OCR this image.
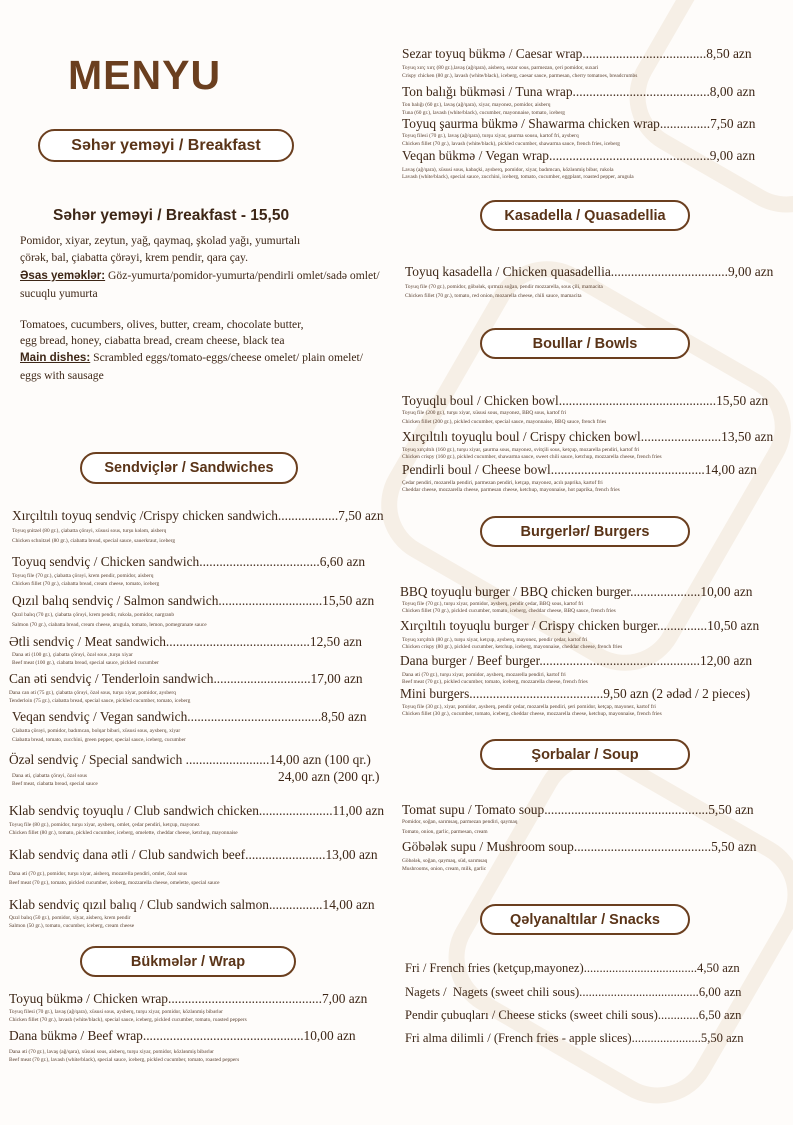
MENYU
Səhər yeməyi / Breakfast
Sendviçlər / Sandwiches
Bükmələr / Wrap
Kasadella / Quasadellia
Boullar / Bowls
Burgerlər/ Burgers
Şorbalar / Soup
Qəlyanaltılar / Snacks
Səhər yeməyi / Breakfast - 15,50
Pomidor, xiyar, zeytun, yağ, qaymaq, şkolad yağı, yumurtalı
çörək, bal, çiabatta çörəyi, krem pendir, qara çay.
Əsas yeməklər: Göz-yumurta/pomidor-yumurta/pendirli omlet/sadə omlet/
sucuqlu yumurta
Tomatoes, cucumbers, olives, butter, cream, chocolate butter,
egg bread, honey, ciabatta bread, cream cheese, black tea
Main dishes: Scrambled eggs/tomato-eggs/cheese omelet/ plain omelet/
eggs with sausage
Xırçıltılı toyuq sendviç /Crispy chicken sandwich..................7,50 azn
Toyuq şnitzel (80 gr.), çiabatta çörəyi, xüsusi sous, turşu kələm, aisberq
Chicken schnitzel (80 gr.), ciabatta bread, special sauce, sauerkraut, iceberg
Toyuq sendviç / Chicken sandwich....................................6,60 azn
Toyuq file (70 gr.), çiabatta çörəyi, krem pendir, pomidor, aisberq
Chicken fillet (70 gr.), ciabatta bread, cream cheese, tomato, iceberg
Qızıl balıq sendviç / Salmon sandwich...............................15,50 azn
Qızıl balıq (70 gr.), çiabatta çörəyi, krem pendir, rukola, pomidor, nargranb
Salmon (70 gr.), ciabatta bread, cream cheese, arugula, tomato, lemon, pomegranate sauce
Ətli sendviç / Meat sandwich...........................................12,50 azn
Dana əti (100 gr.), çiabatta çörəyi, özəl sous ,turşu xiyar
Beef meat (100 gr.), ciabatta bread, special sauce, pickled cucumber
Can əti sendviç / Tenderloin sandwich.............................17,00 azn
Dana can əti (75 gr.), çiabatta çörəyi, özəl sous, turşu xiyar, pomidor, aysberq
Tenderloin (75 gr.), ciabatta bread, special sauce, pickled cucumber, tomato, iceberg
Veqan sendviç / Vegan sandwich........................................8,50 azn
Çiabatta çörəyi, pomidor, badımcan, bolqar bibəri, xüsusi sous, aysberq, xiyar
Ciabatta bread, tomato, zucchini, green pepper, special sauce, iceberg, cucumber
Özəl sendviç / Special sandwich .........................14,00 azn (100 qr.)
24,00 azn (200 qr.)
Dana əti, çiabatta çörəyi, özəl sous
Beef meat, ciabatta bread, special sauce
Klab sendviç toyuqlu / Club sandwich chicken......................11,00 azn
Toyuq file (80 gr.), pomidor, turşu xiyar, aysberq, omlet, çedar pendiri, ketçup, mayonez
Chicken fillet (80 gr.), tomato, pickled cucumber, iceberg, omelette, cheddar cheese, ketchup, mayonnaise
Klab sendviç dana ətli / Club sandwich beef........................13,00 azn
Dana əti (70 gr.), pomidor, turşu xiyar, aisberq, mozarella pendiri, omlet, özəl sous
Beef meat (70 gr.), tomato, pickled cucumber, iceberg, mozzarella cheese, omelette, special sauce
Klab sendviç qızıl balıq / Club sandwich salmon................14,00 azn
Qızıl balıq (50 gr.), pomidor, xiyar, aisberq, krem pendir
Salmon (50 gr.), tomato, cucumber, iceberg, cream cheese
Toyuq bükmə / Chicken wrap..............................................7,00 azn
Toyuq filesi (70 gr.), lavaş (ağ/qara), xüsusi sous, aysberq, turşu xiyar, pomidor, közlənmiş bibərlər
Chicken fillet (70 gr.), lavash (white/black), special sauce, iceberg, pickled cucumber, tomato, roasted peppers
Dana bükmə / Beef wrap................................................10,00 azn
Dana əti (70 gr.), lavaş (ağ/qara), xüsusi sous, aisberq, turşu xiyar, pomidor, közlənmiş bibərlər
Beef meat (70 gr.), lavash (white/black), special sauce, iceberg, pickled cucumber, tomato, roasted peppers
Sezar toyuq bükmə / Caesar wrap.....................................8,50 azn
Toyuq xırç xırç (80 gr.),lavaş (ağ/qara), aisberq, sezar sous, parmezan, çeri pomidor, suxari
Crispy chicken (80 gr.), lavash (white/black), iceberg, caesar sauce, parmesan, cherry tomatoes, breadcrumbs
Ton balığı bükməsi / Tuna wrap.........................................8,00 azn
Ton balığı (60 gr.), lavaş (ağ/qara), xiyar, mayonez, pomidor, aisberq
Tuna (60 gr.), lavash (white/black), cucumber, mayonnaise, tomato, iceberg
Toyuq şaurma bükmə / Shawarma chicken wrap...............7,50 azn
Toyuq filesi (70 gr.), lavaş (ağ/qara), turşu xiyar, şaurma sousu, kartof fri, aysberq
Chicken fillet (70 gr.), lavash (white/black), pickled cucumber, shawarma sauce, french fries, iceberg
Veqan bükmə / Vegan wrap................................................9,00 azn
Lavaş (ağ/qara), xüsusi sous, kabaçki, aysberq, pomidor, xiyar, badımcan, közlənmiş bibər, rukola
Lavash (white/black), special sauce, zucchini, iceberg, tomato, cucumber, eggplant, roasted pepper, arugula
Toyuq kasadella / Chicken quasadellia...................................9,00 azn
Toyuq file (70 gr.), pomidor, göbələk, qırmızı soğan, pendir mozzarella, sous çili, mamacita
Chicken fillet (70 gr.), tomato, red onion, mozarella cheese, chili sauce, mamacita
Toyuqlu boul / Chicken bowl...............................................15,50 azn
Toyuq file (200 gr.), turşu xiyar, xüsusi sous, mayonez, BBQ sous, kartof fri
Chicken fillet (200 gr.), pickled cucumber, special sauce, mayonnaise, BBQ sauce, french fries
Xırçıltılı toyuqlu boul / Crispy chicken bowl........................13,50 azn
Toyuq xırçıltılı (160 gr.), turşu xiyar, şaurma sous, mayonez, svitçili sous, ketçup, mozarella pendiri, kartof fri
Chicken crispy (160 gr.), pickled cucumber, shawarma sauce, sweet chili sauce, ketchup, mozzarella cheese, french fries
Pendirli boul / Cheese bowl..............................................14,00 azn
Çedar pendiri, mozarella pendiri, parmezan pendiri, ketçap, mayonez, acılı paprika, kartof fri
Cheddar cheese, mozzarella cheese, parmesan cheese, ketchup, mayonnaise, hot paprika, french fries
BBQ toyuqlu burger / BBQ chicken burger.....................10,00 azn
Toyuq file (70 gr.), turşu xiyar, pomidor, aysberq, pendir çedar, BBQ sous, kartof fri
Chicken fillet (70 gr.), pickled cucumber, tomato, iceberg, cheddar cheese, BBQ sauce, french fries
Xırçıltılı toyuqlu burger / Crispy chicken burger...............10,50 azn
Toyuq xırçıltılı (80 gr.), turşu xiyar, ketçup, aysberq, mayonez, pendir çedar, kartof fri
Chicken crispy (80 gr.), pickled cucumber, ketchup, iceberg, mayonnaise, cheddar cheese, french fries
Dana burger / Beef burger................................................12,00 azn
Dana əti (70 gr.), turşu xiyar, pomidor, aysberq, mozarella pendiri, kartof fri
Beef meat (70 gr.), pickled cucumber, tomato, iceberg, mozzarella cheese, french fries
Mini burgers........................................9,50 azn (2 ədəd / 2 pieces)
Toyuq file (30 gr.), xiyar, pomidor, aysberq, pendir çedar, mozarella pendiri, şeri pomidor, ketçap, mayonez, kartof fri
Chicken fillet (30 gr.), cucumber, tomato, iceberg, cheddar cheese, mozzarella cheese, ketchup, mayonnaise, french fries
Tomat supu / Tomato soup.................................................5,50 azn
Pomidor, soğan, sarımsaq, parmezan pendiri, qaymaq
Tomato, onion, garlic, parmesan, cream
Göbələk supu / Mushroom soup.........................................5,50 azn
Göbələk, soğan, qaymaq, süd, sarımsaq
Mushrooms, onion, cream, milk, garlic
Fri / French fries (ketçup,mayonez)....................................4,50 azn
Nagets /  Nagets (sweet chili sous)......................................6,00 azn
Pendir çubuqları / Cheese sticks (sweet chili sous).............6,50 azn
Fri alma dilimli / (French fries - apple slices)......................5,50 azn
